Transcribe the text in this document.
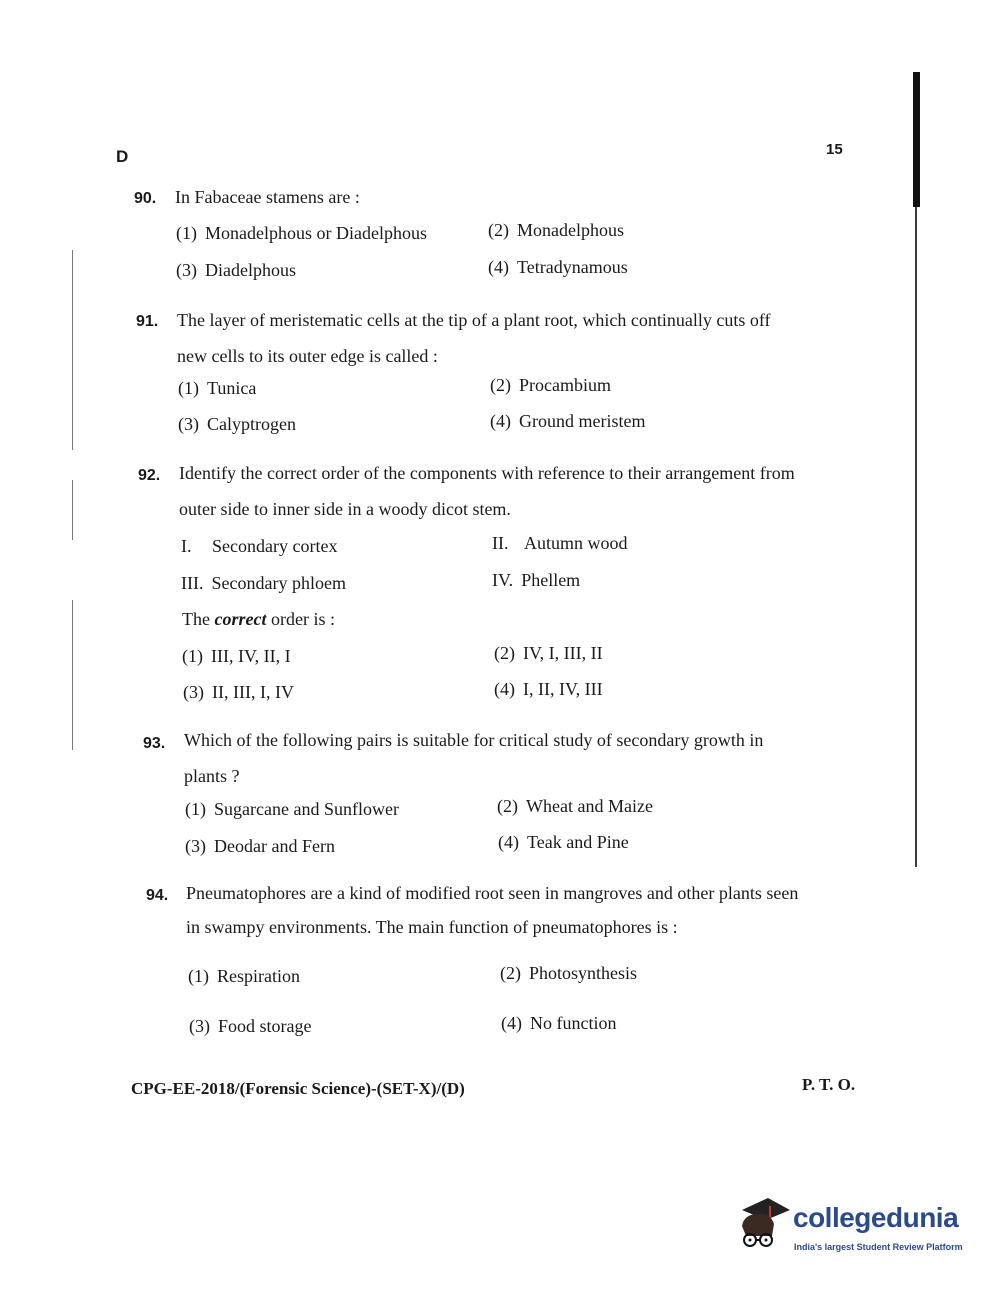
D	15
90. In Fabaceae stamens are :
(1) Monadelphous or Diadelphous	(2) Monadelphous
(3) Diadelphous	(4) Tetradynamous
91. The layer of meristematic cells at the tip of a plant root, which continually cuts off
new cells to its outer edge is called :
(1) Tunica	(2) Procambium
(3) Calyptrogen	(4) Ground meristem
92. Identify the correct order of the components with reference to their arrangement from
outer side to inner side in a woody dicot stem.
I. Secondary cortex	II. Autumn wood
III. Secondary phloem	IV. Phellem
The correct order is :
(1) III, IV, II, I	(2) IV, I, III, II
(3) II, III, I, IV	(4) I, II, IV, III
93. Which of the following pairs is suitable for critical study of secondary growth in
plants ?
(1) Sugarcane and Sunflower	(2) Wheat and Maize
(3) Deodar and Fern	(4) Teak and Pine
94. Pneumatophores are a kind of modified root seen in mangroves and other plants seen
in swampy environments. The main function of pneumatophores is :
(1) Respiration	(2) Photosynthesis
(3) Food storage	(4) No function
CPG-EE-2018/(Forensic Science)-(SET-X)/(D)	P. T. O.
collegedunia
India's largest Student Review Platform
